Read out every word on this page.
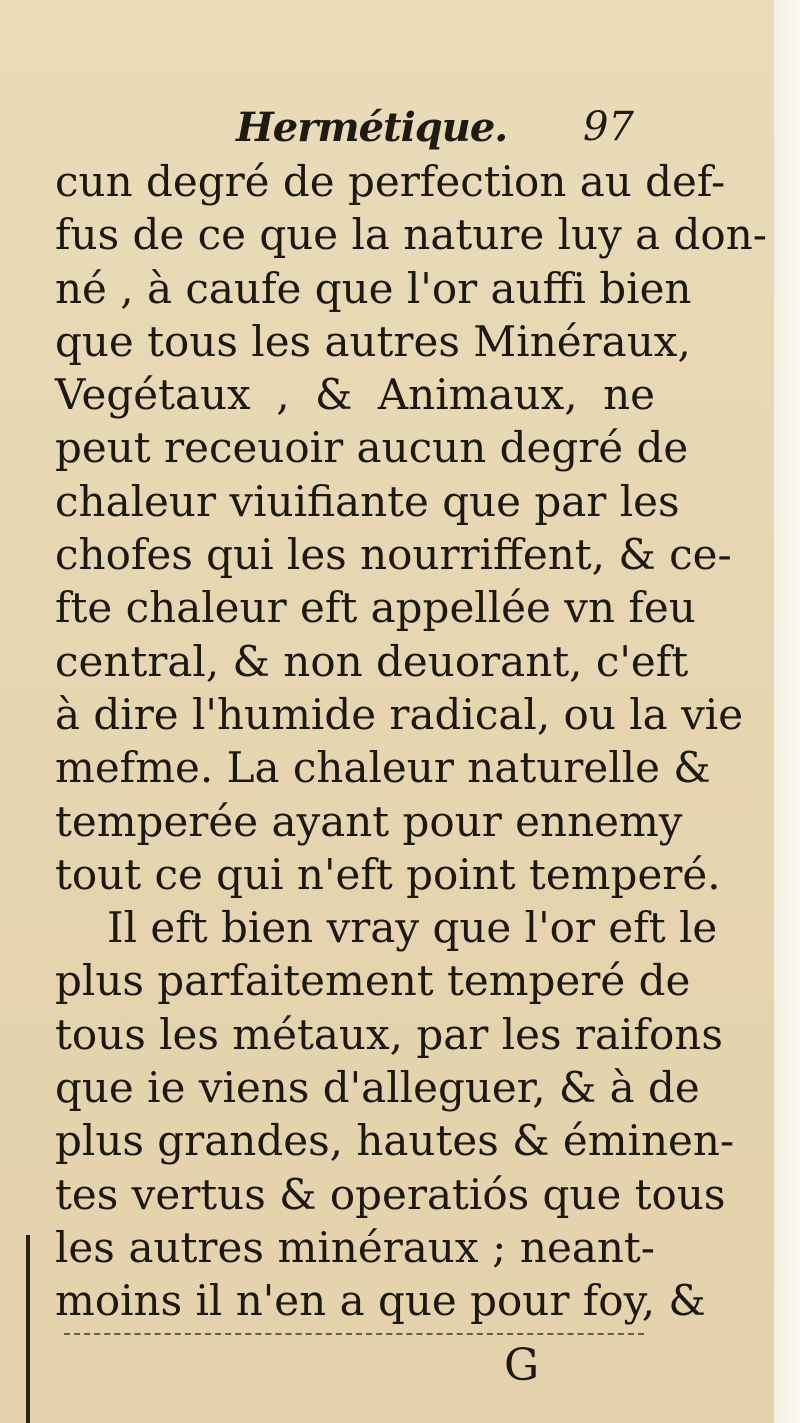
Hermétique. 97
cun degré de perfection au def-
fus de ce que la nature luy a don-
né , à caufe que l'or auffi bien
que tous les autres Minéraux,
Vegétaux , & Animaux, ne
peut receuoir aucun degré de
chaleur viuifiante que par les
chofes qui les nourriffent, & ce-
fte chaleur eft appellée vn feu
central, & non deuorant, c'eft
à dire l'humide radical, ou la vie
mefme. La chaleur naturelle &
temperée ayant pour ennemy
tout ce qui n'eft point temperé.
Il eft bien vray que l'or eft le
plus parfaitement temperé de
tous les métaux, par les raifons
que ie viens d'alleguer, & à de
plus grandes, hautes & éminen-
tes vertus & operatiós que tous
les autres minéraux ; neant-
moins il n'en a que pour foy, &
G
